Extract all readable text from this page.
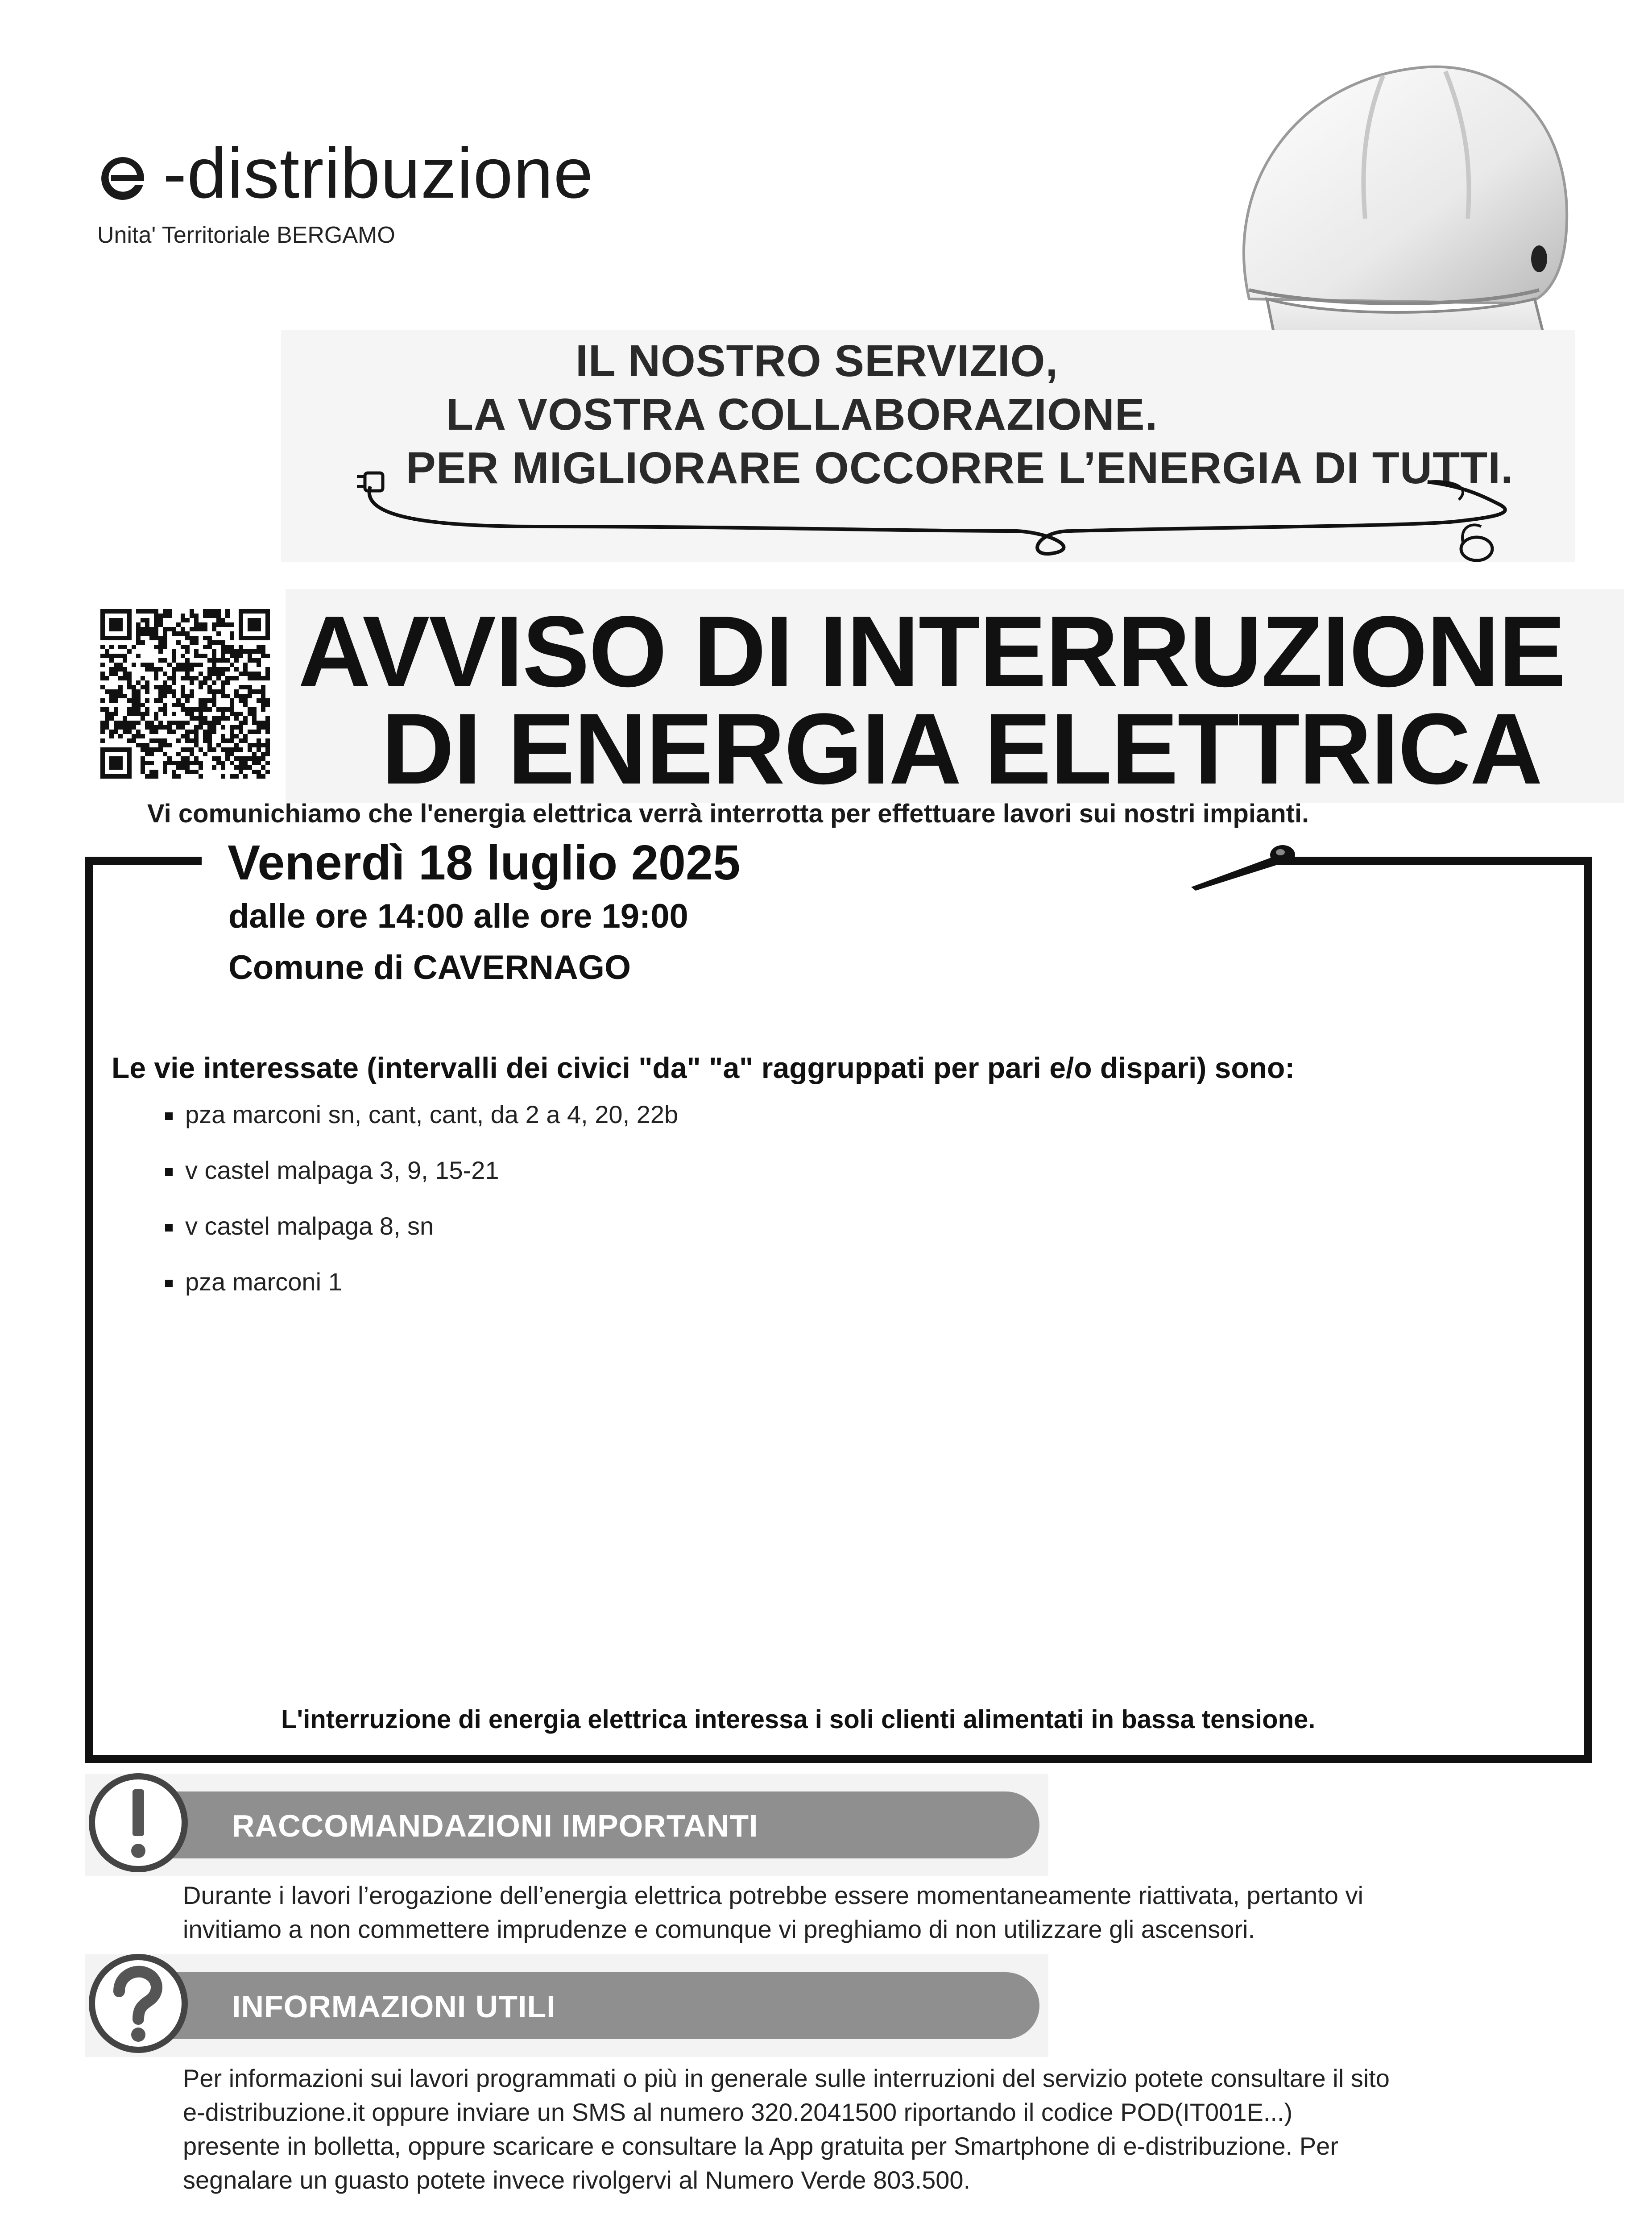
-distribuzione
Unita' Territoriale BERGAMO
IL NOSTRO SERVIZIO,
LA VOSTRA COLLABORAZIONE.
PER MIGLIORARE OCCORRE L’ENERGIA DI TUTTI.
AVVISO DI INTERRUZIONE
DI ENERGIA ELETTRICA
Vi comunichiamo che l'energia elettrica verrà interrotta per effettuare lavori sui nostri impianti.
Venerdì 18 luglio 2025
dalle ore 14:00 alle ore 19:00
Comune di CAVERNAGO
Le vie interessate (intervalli dei civici "da" "a" raggruppati per pari e/o dispari) sono:
pza marconi sn, cant, cant, da 2 a 4, 20, 22b
v castel malpaga 3, 9, 15-21
v castel malpaga 8, sn
pza marconi 1
L'interruzione di energia elettrica interessa i soli clienti alimentati in bassa tensione.
RACCOMANDAZIONI IMPORTANTI
Durante i lavori l’erogazione dell’energia elettrica potrebbe essere momentaneamente riattivata, pertanto vi
invitiamo a non commettere imprudenze e comunque vi preghiamo di non utilizzare gli ascensori.
INFORMAZIONI UTILI
Per informazioni sui lavori programmati o più in generale sulle interruzioni del servizio potete consultare il sito
e-distribuzione.it oppure inviare un SMS al numero 320.2041500 riportando il codice POD(IT001E...)
presente in bolletta, oppure scaricare e consultare la App gratuita per Smartphone di e-distribuzione. Per
segnalare un guasto potete invece rivolgervi al Numero Verde 803.500.
